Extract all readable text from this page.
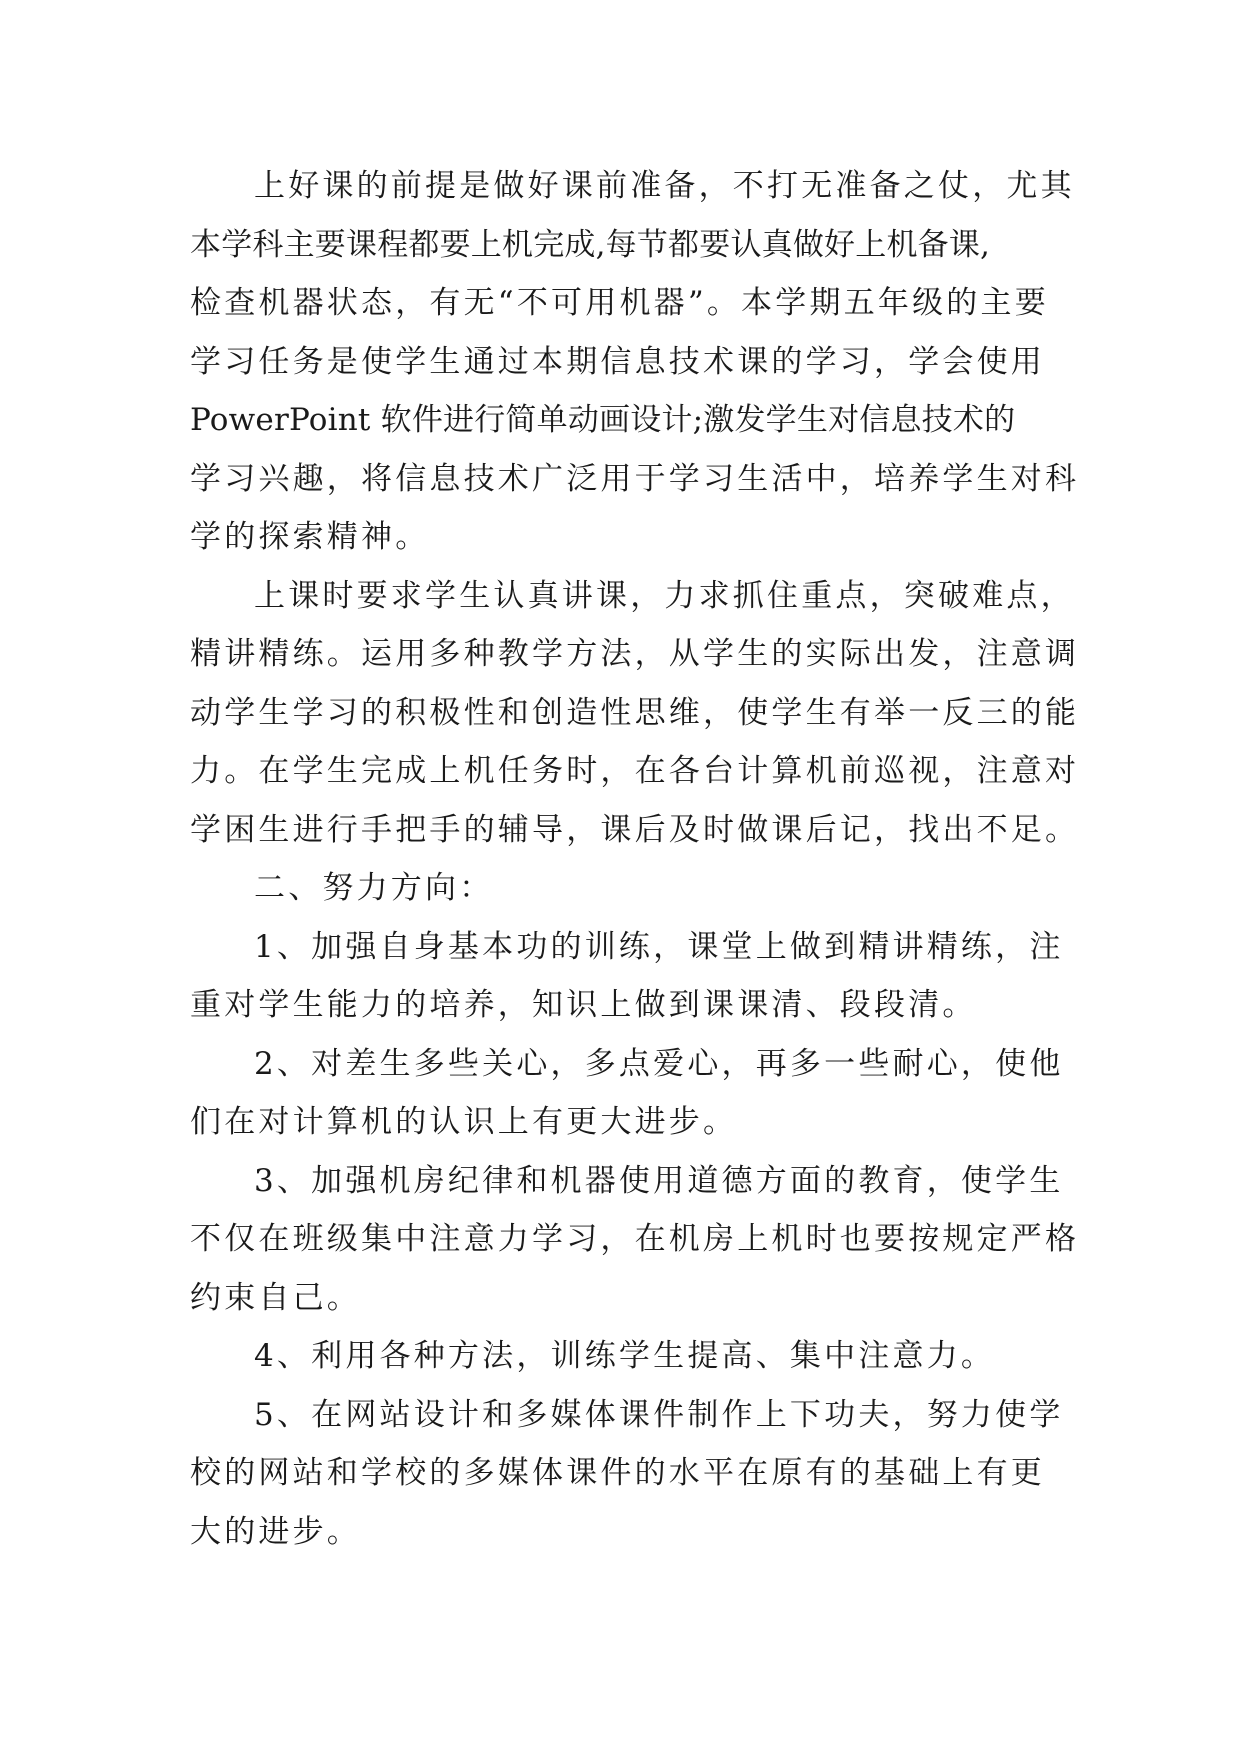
上好课的前提是做好课前准备，不打无准备之仗，尤其
本学科主要课程都要上机完成,每节都要认真做好上机备课,
检查机器状态，有无“不可用机器”。本学期五年级的主要
学习任务是使学生通过本期信息技术课的学习，学会使用
PowerPoint 软件进行简单动画设计;激发学生对信息技术的
学习兴趣，将信息技术广泛用于学习生活中，培养学生对科
学的探索精神。
上课时要求学生认真讲课，力求抓住重点，突破难点，
精讲精练。运用多种教学方法，从学生的实际出发，注意调
动学生学习的积极性和创造性思维，使学生有举一反三的能
力。在学生完成上机任务时，在各台计算机前巡视，注意对
学困生进行手把手的辅导，课后及时做课后记，找出不足。
二、努力方向：
1、加强自身基本功的训练，课堂上做到精讲精练，注
重对学生能力的培养，知识上做到课课清、段段清。
2、对差生多些关心，多点爱心，再多一些耐心，使他
们在对计算机的认识上有更大进步。
3、加强机房纪律和机器使用道德方面的教育，使学生
不仅在班级集中注意力学习，在机房上机时也要按规定严格
约束自己。
4、利用各种方法，训练学生提高、集中注意力。
5、在网站设计和多媒体课件制作上下功夫，努力使学
校的网站和学校的多媒体课件的水平在原有的基础上有更
大的进步。
